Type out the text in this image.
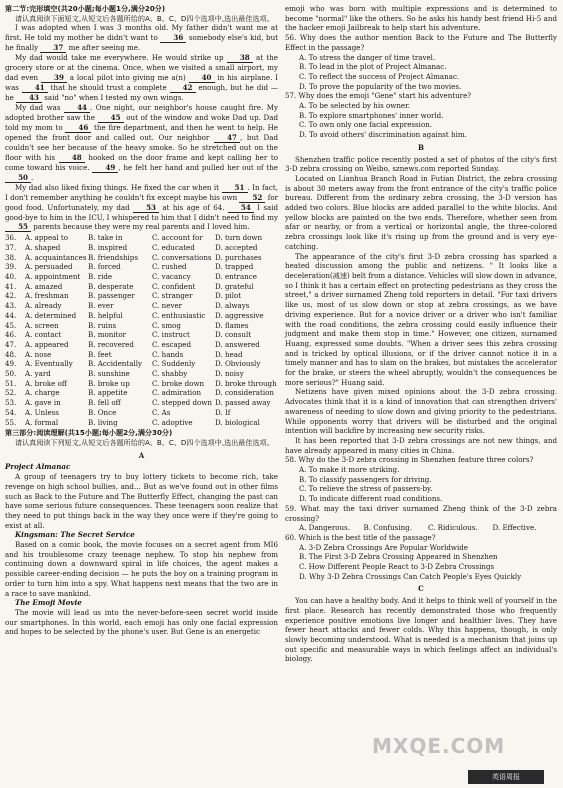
第二节:完形填空(共20小题;每小题1分,满分20分)

请认真阅读下面短文,从短文后各题所给的A、B、C、D四个选项中,选出最佳选项。

I was adopted when I was 3 months old. My father didn't want me at first. He told my mother he didn't want to 36 somebody else's kid, but he finally 37 me after seeing me.

My dad would take me everywhere. He would strike up 38 at the grocery store or at the cinema. Once, when we visited a small airport, my dad even 39 a local pilot into giving me a(n) 40 in his airplane. I was 41 that he should trust a complete 42 enough, but he did — he 43 said "no" when I tested my own wings.

My dad was 44 . One night, our neighbor's house caught fire. My adopted brother saw the 45 out of the window and woke Dad up. Dad told my mom to 46 the fire department, and then he went to help. He opened the front door and called out. Our neighbor 47 , but Dad couldn't see her because of the heavy smoke. So he stretched out on the floor with his 48 hooked on the door frame and kept calling her to come toward his voice. 49 , he felt her hand and pulled her out of the 50 .

My dad also liked fixing things. He fixed the car when it 51 . In fact, I don't remember anything he couldn't fix except maybe his own 52 for good food. Unfortunately, my dad 53 at his age of 64. 54 I said good-bye to him in the ICU, I whispered to him that I didn't need to find my 55 parents because they were my real parents and I loved him.

36.	A. appeal to	B. take in	C. account for	D. turn down
37.	A. shaped	B. inspired	C. educated	D. accepted
38.	A. acquaintances B. friendships	C. conversations D. purchases
39.	A. persuaded	B. forced	C. rushed	D. trapped
40.	A. appointment	B. ride	C. vacancy	D. entrance
41.	A. amazed	B. desperate	C. confident	D. grateful
42.	A. freshman	B. passenger	C. stranger	D. pilot
43.	A. already	B. ever	C. never	D. always
44.	A. determined	B. helpful	C. enthusiastic	D. aggressive
45.	A. screen	B. ruins	C. smog	D. flames
46.	A. contact	B. monitor	C. instruct	D. consult
47.	A. appeared	B. recovered	C. escaped	D. answered
48.	A. nose	B. feet	C. hands	D. head
49.	A. Eventually	B. Accidentally	C. Suddenly	D. Obviously
50.	A. yard	B. sunshine	C. shabby	D. noisy
51.	A. broke off	B. broke up	C. broke down	D. broke through
52.	A. charge	B. appetite	C. admiration	D. consideration
53.	A. gave in	B. fell off	C. stepped down D. passed away
54.	A. Unless	B. Once	C. As	D. If
55.	A. formal	B. living	C. adoptive	D. biological

第三部分:阅读理解(共15小题;每小题2分,满分30分)

请认真阅读下列短文,从短文后各题所给的A、B、C、D四个选项中,选出最佳选项。

A

Project Almanac

A group of teenagers try to buy lottery tickets to become rich, take revenge on high school bullies, and… But as we've found out in other films such as Back to the Future and The Butterfly Effect, changing the past can have some serious future consequences. These teenagers soon realize that they need to put things back in the way they once were if they're going to exist at all.

Kingsman: The Secret Service

Based on a comic book, the movie focuses on a secret agent from MI6 and his troublesome crazy teenage nephew. To stop his nephew from continuing down a downward spiral in life choices, the agent makes a possible career-ending decision — he puts the boy on a training program in order to turn him into a spy. What happens next means that the two are in a race to save mankind.

The Emoji Movie

The movie will lead us into the never-before-seen secret world inside our smartphones. In this world, each emoji has only one facial expression and hopes to be selected by the phone's user. But Gene is an energetic

emoji who was born with multiple expressions and is determined to become "normal" like the others. So he asks his handy best friend Hi-5 and the hacker emoji Jailbreak to help start his adventure.

56. Why does the author mention Back to the Future and The Butterfly Effect in the passage?

A. To stress the danger of time travel.

B. To lead in the plot of Project Almanac.

C. To reflect the success of Project Almanac.

D. To prove the popularity of the two movies.

57. Why does the emoji "Gene" start his adventure?

A. To be selected by his owner.

B. To explore smartphones' inner world.

C. To own only one facial expression.

D. To avoid others' discrimination against him.

B

Shenzhen traffic police recently posted a set of photos of the city's first 3-D zebra crossing on Weibo, sznews.com reported Sunday.

Located on Lianhua Branch Road in Futian District, the zebra crossing is about 30 meters away from the front entrance of the city's traffic police bureau. Different from the ordinary zebra crossing, the 3-D version has added two colors. Blue blocks are added parallel to the white blocks. And yellow blocks are painted on the two ends. Therefore, whether seen from afar or nearby, or from a vertical or horizontal angle, the three-colored zebra crossings look like it's rising up from the ground and is very eye-catching.

The appearance of the city's first 3-D zebra crossing has sparked a heated discussion among the public and netizens. " It looks like a deceleration(减速) belt from a distance. Vehicles will slow down in advance, so I think it has a certain effect on protecting pedestrians as they cross the street," a driver surnamed Zheng told reporters in detail. "For taxi drivers like us, most of us slow down or stop at zebra crossings, as we have driving experience. But for a novice driver or a driver who isn't familiar with the road conditions, the zebra crossing could easily influence their judgment and make them stop in time." However, one citizen, surnamed Huang, expressed some doubts. "When a driver sees this zebra crossing and is tricked by optical illusions, or if the driver cannot notice it in a timely manner and has to slam on the brakes, but mistakes the accelerator for the brake, or steers the wheel abruptly, wouldn't the consequences be more serious?" Huang said.

Netizens have given mixed opinions about the 3-D zebra crossing. Advocates think that it is a kind of innovation that can strengthen drivers' awareness of needing to slow down and giving priority to the pedestrians. While opponents worry that drivers will be disturbed and the original intention will backfire by increasing new security risks.

It has been reported that 3-D zebra crossings are not new things, and have already appeared in many cities in China.

58. Why do the 3-D zebra crossing in Shenzhen feature three colors?

A. To make it more striking.

B. To classify passengers for driving.

C. To relieve the stress of passers-by.

D. To indicate different road conditions.

59. What may the taxi driver surnamed Zheng think of the 3-D zebra crossing?

A. Dangerous.	B. Confusing.	C. Ridiculous.	D. Effective.

60. Which is the best title of the passage?

A. 3-D Zebra Crossings Are Popular Worldwide

B. The First 3-D Zebra Crossing Appeared in Shenzhen

C. How Different People React to 3-D Zebra Crossings

D. Why 3-D Zebra Crossings Can Catch People's Eyes Quickly

C

You can have a healthy body. And it helps to think well of yourself in the first place. Research has recently demonstrated those who frequently experience positive emotions live longer and healthier lives. They have fewer heart attacks and fewer colds. Why this happens, though, is only slowly becoming understood. What is needed is a mechanism that joins up out specific and measurable ways in which feelings affect an individual's biology.

MXQE.COM
英语周报
